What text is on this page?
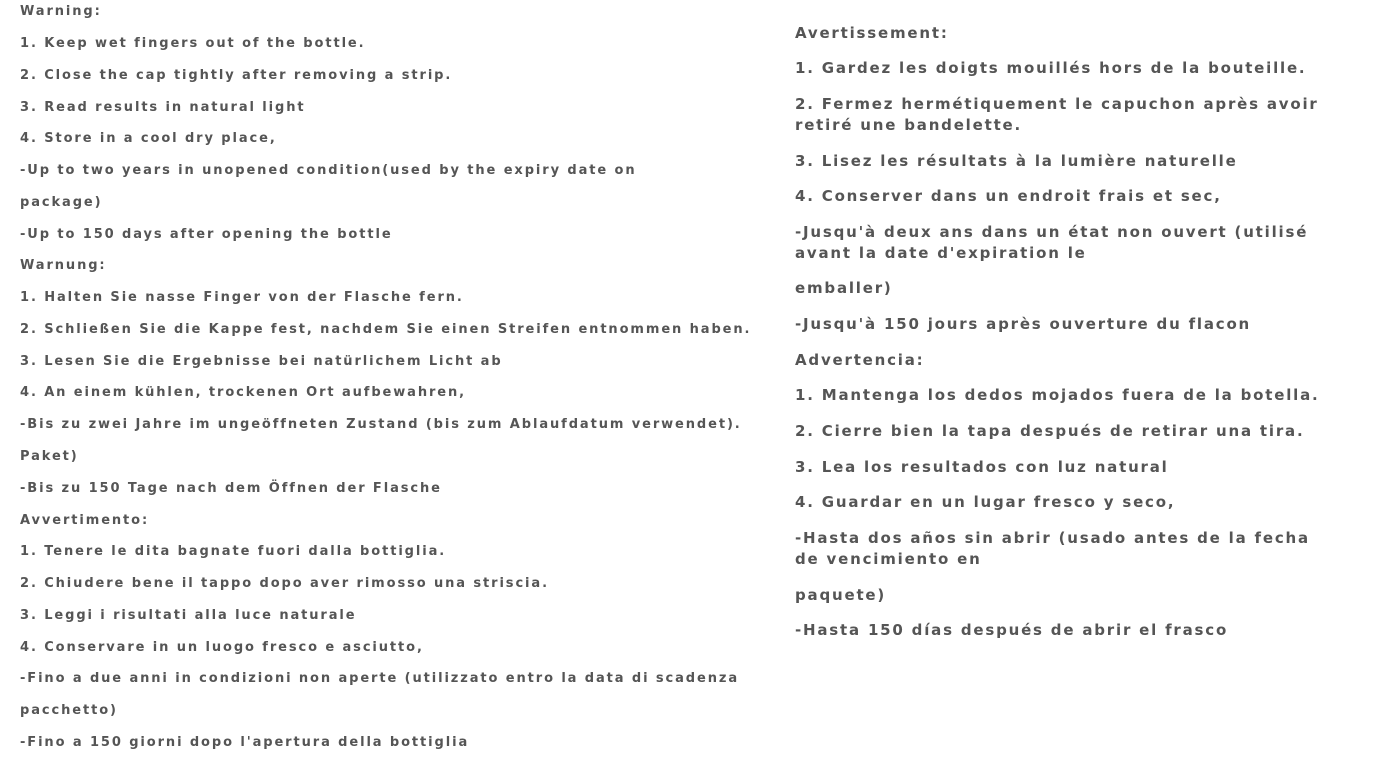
Warning:
1. Keep wet fingers out of the bottle.
2. Close the cap tightly after removing a strip.
3. Read results in natural light
4. Store in a cool dry place,
-Up to two years in unopened condition(used by the expiry date on
package)
-Up to 150 days after opening the bottle
Warnung:
1. Halten Sie nasse Finger von der Flasche fern.
2. Schließen Sie die Kappe fest, nachdem Sie einen Streifen entnommen haben.
3. Lesen Sie die Ergebnisse bei natürlichem Licht ab
4. An einem kühlen, trockenen Ort aufbewahren,
-Bis zu zwei Jahre im ungeöffneten Zustand (bis zum Ablaufdatum verwendet).
Paket)
-Bis zu 150 Tage nach dem Öffnen der Flasche
Avvertimento:
1. Tenere le dita bagnate fuori dalla bottiglia.
2. Chiudere bene il tappo dopo aver rimosso una striscia.
3. Leggi i risultati alla luce naturale
4. Conservare in un luogo fresco e asciutto,
-Fino a due anni in condizioni non aperte (utilizzato entro la data di scadenza
pacchetto)
-Fino a 150 giorni dopo l'apertura della bottiglia
Avertissement:
1. Gardez les doigts mouillés hors de la bouteille.
2. Fermez hermétiquement le capuchon après avoir retiré une bandelette.
3. Lisez les résultats à la lumière naturelle
4. Conserver dans un endroit frais et sec,
-Jusqu'à deux ans dans un état non ouvert (utilisé avant la date d'expiration le
emballer)
-Jusqu'à 150 jours après ouverture du flacon
Advertencia:
1. Mantenga los dedos mojados fuera de la botella.
2. Cierre bien la tapa después de retirar una tira.
3. Lea los resultados con luz natural
4. Guardar en un lugar fresco y seco,
-Hasta dos años sin abrir (usado antes de la fecha de vencimiento en
paquete)
-Hasta 150 días después de abrir el frasco
